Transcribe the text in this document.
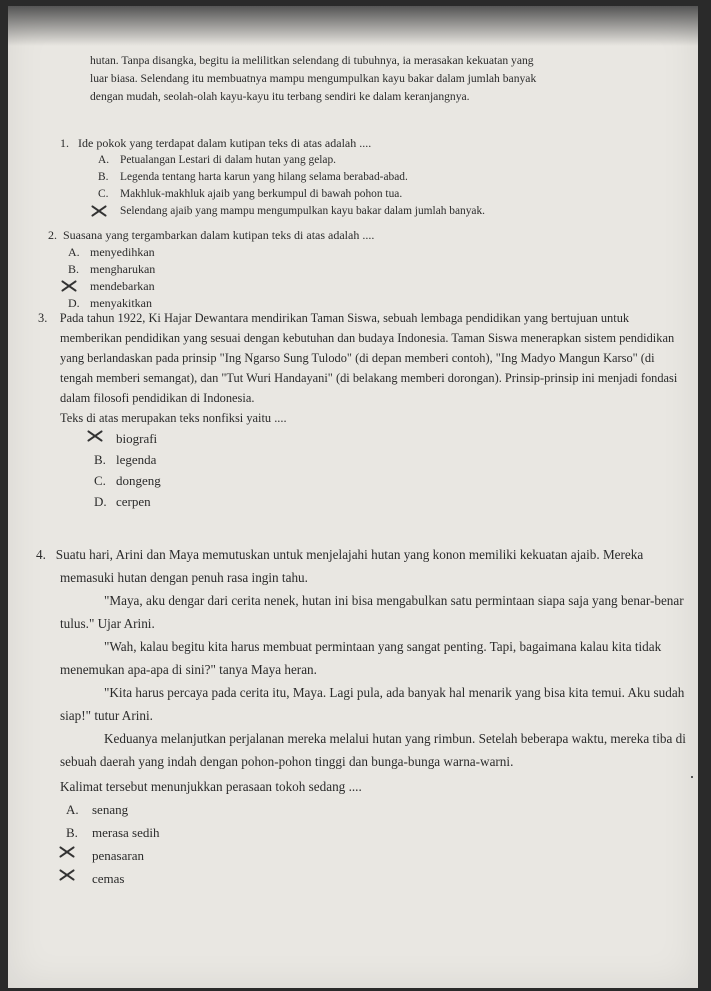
hutan. Tanpa disangka, begitu ia melilitkan selendang di tubuhnya, ia merasakan kekuatan yang
luar biasa. Selendang itu membuatnya mampu mengumpulkan kayu bakar dalam jumlah banyak
dengan mudah, seolah-olah kayu-kayu itu terbang sendiri ke dalam keranjangnya.
1. Ide pokok yang terdapat dalam kutipan teks di atas adalah ....
A. Petualangan Lestari di dalam hutan yang gelap.
B. Legenda tentang harta karun yang hilang selama berabad-abad.
C. Makhluk-makhluk ajaib yang berkumpul di bawah pohon tua.
Selendang ajaib yang mampu mengumpulkan kayu bakar dalam jumlah banyak.
2. Suasana yang tergambarkan dalam kutipan teks di atas adalah ....
A. menyedihkan
B. mengharukan
mendebarkan
D. menyakitkan
3. Pada tahun 1922, Ki Hajar Dewantara mendirikan Taman Siswa, sebuah lembaga pendidikan yang bertujuan untuk memberikan pendidikan yang sesuai dengan kebutuhan dan budaya Indonesia. Taman Siswa menerapkan sistem pendidikan yang berlandaskan pada prinsip "Ing Ngarso Sung Tulodo" (di depan memberi contoh), "Ing Madyo Mangun Karso" (di tengah memberi semangat), dan "Tut Wuri Handayani" (di belakang memberi dorongan). Prinsip-prinsip ini menjadi fondasi dalam filosofi pendidikan di Indonesia.
Teks di atas merupakan teks nonfiksi yaitu ....
biografi
B. legenda
C. dongeng
D. cerpen
4. Suatu hari, Arini dan Maya memutuskan untuk menjelajahi hutan yang konon memiliki kekuatan ajaib. Mereka memasuki hutan dengan penuh rasa ingin tahu.
"Maya, aku dengar dari cerita nenek, hutan ini bisa mengabulkan satu permintaan siapa saja yang benar-benar tulus." Ujar Arini.
"Wah, kalau begitu kita harus membuat permintaan yang sangat penting. Tapi, bagaimana kalau kita tidak menemukan apa-apa di sini?" tanya Maya heran.
"Kita harus percaya pada cerita itu, Maya. Lagi pula, ada banyak hal menarik yang bisa kita temui. Aku sudah siap!" tutur Arini.
Keduanya melanjutkan perjalanan mereka melalui hutan yang rimbun. Setelah beberapa waktu, mereka tiba di sebuah daerah yang indah dengan pohon-pohon tinggi dan bunga-bunga warna-warni.
Kalimat tersebut menunjukkan perasaan tokoh sedang ....
A. senang
B. merasa sedih
penasaran
cemas
